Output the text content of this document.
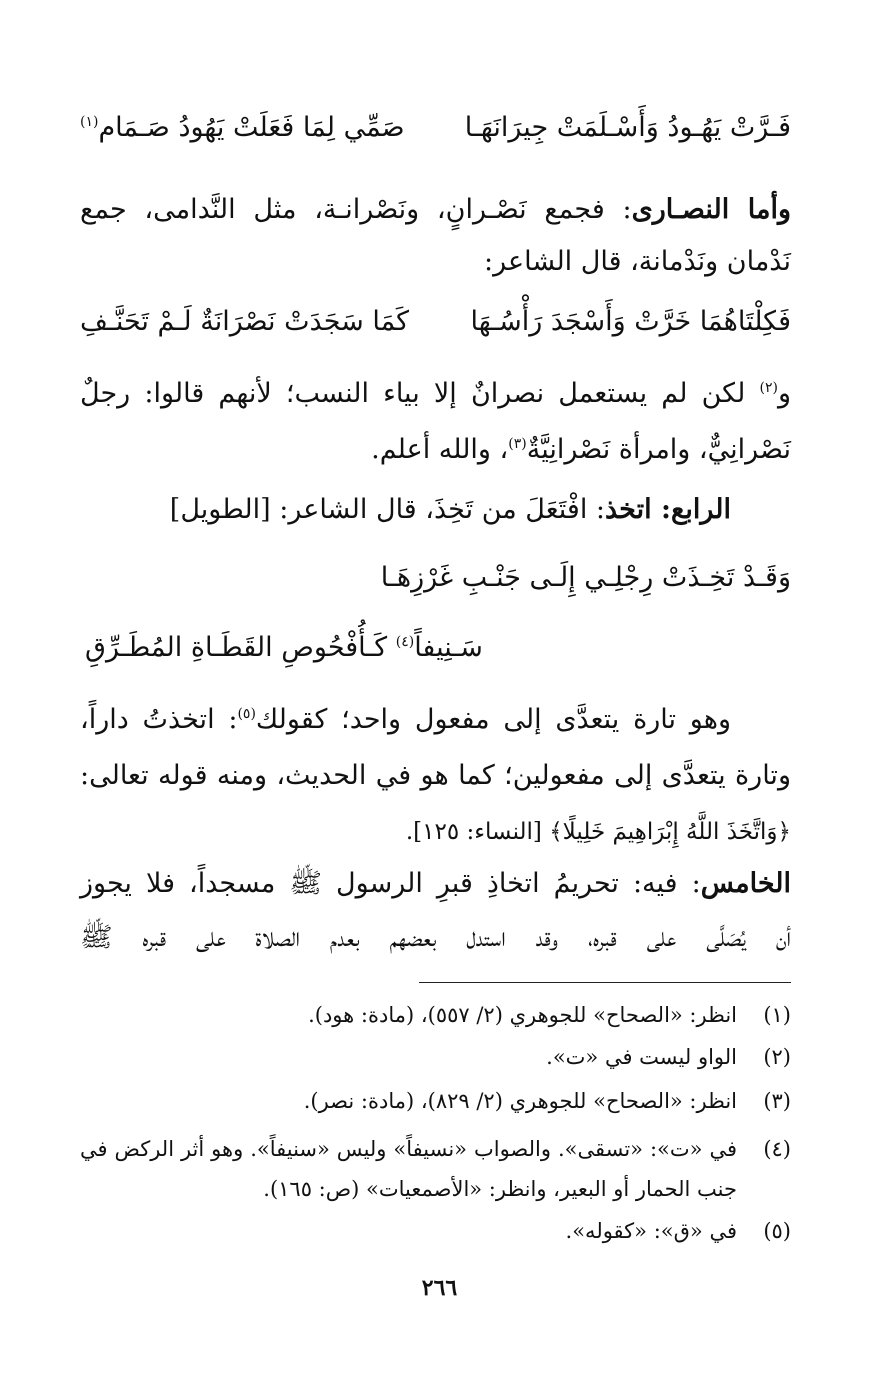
فَـرَّتْ يَهُـودُ وَأَسْـلَمَتْ جِيرَانَهَـا
صَمِّي لِمَا فَعَلَتْ يَهُودُ صَـمَام$^{(١)}$
وأما النصـارى: فجمع نَصْـرانٍ، ونَصْرانـة، مثل النَّدامى، جمع
نَدْمان ونَدْمانة، قال الشاعر:
فَكِلْتَاهُمَا خَرَّتْ وَأَسْجَدَ رَأْسُـهَا
كَمَا سَجَدَتْ نَصْرَانَةٌ لَـمْ تَحَنَّـفِ
و$^{(٢)}$ لكن لم يستعمل نصرانٌ إلا بياء النسب؛ لأنهم قالوا: رجلٌ
نَصْرانِيٌّ، وامرأة نَصْرانِيَّةٌ$^{(٣)}$، والله أعلم.
الرابع: اتخذ: افْتَعَلَ من تَخِذَ، قال الشاعر: [الطويل]
وَقَـدْ تَخِـذَتْ رِجْلِـي إِلَـى جَنْـبِ غَرْزِهَـا
سَـنِيفاً$^{(٤)}$ كَـأُفْحُوصِ القَطَـاةِ المُطَـرِّقِ
وهو تارة يتعدَّى إلى مفعول واحد؛ كقولك$^{(٥)}$: اتخذتُ داراً،
وتارة يتعدَّى إلى مفعولين؛ كما هو في الحديث، ومنه قوله تعالى:
﴿وَاتَّخَذَ اللَّهُ إِبْرَاهِيمَ خَلِيلًا﴾ [النساء: ١٢٥].
الخامس: فيه: تحريمُ اتخاذِ قبرِ الرسول ﷺ مسجداً، فلا يجوز
أن يُصَلَّى على قبره، وقد استدل بعضهم بعدم الصلاة على قبره ﷺ
(١)انظر: «الصحاح» للجوهري (٢/ ٥٥٧)، (مادة: هود).
(٢)الواو ليست في «ت».
(٣)انظر: «الصحاح» للجوهري (٢/ ٨٢٩)، (مادة: نصر).
(٤)في «ت»: «تسقى». والصواب «نسيفاً» وليس «سنيفاً». وهو أثر الركض في
جنب الحمار أو البعير، وانظر: «الأصمعيات» (ص: ١٦٥).
(٥)في «ق»: «كقوله».
٢٦٦
